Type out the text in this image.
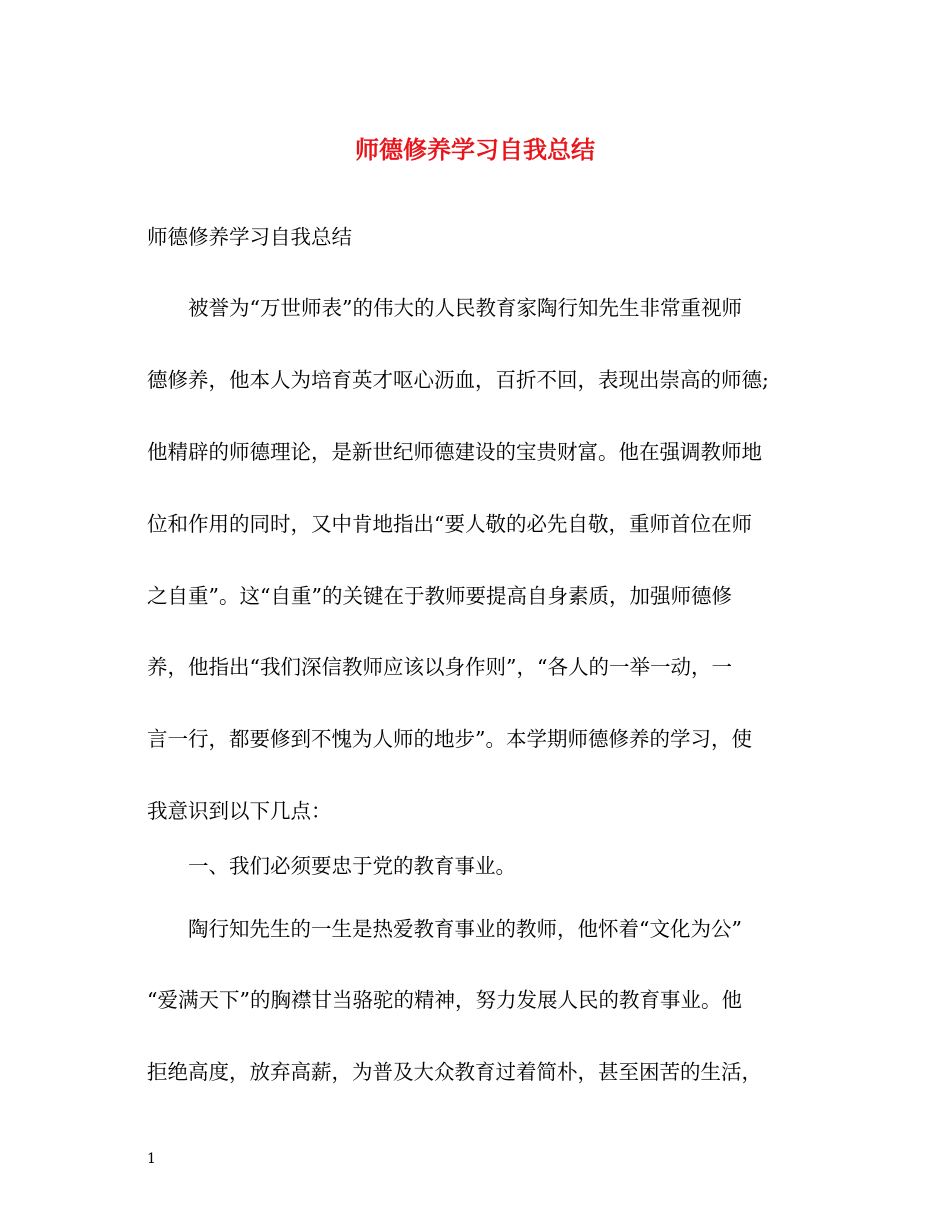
师德修养学习自我总结
师德修养学习自我总结
被誉为“万世师表”的伟大的人民教育家陶行知先生非常重视师
德修养，他本人为培育英才呕心沥血，百折不回，表现出崇高的师德;
他精辟的师德理论，是新世纪师德建设的宝贵财富。他在强调教师地
位和作用的同时，又中肯地指出“要人敬的必先自敬，重师首位在师
之自重”。这“自重”的关键在于教师要提高自身素质，加强师德修
养，他指出“我们深信教师应该以身作则”，“各人的一举一动，一
言一行，都要修到不愧为人师的地步”。本学期师德修养的学习，使
我意识到以下几点：
一、我们必须要忠于党的教育事业。
陶行知先生的一生是热爱教育事业的教师，他怀着“文化为公”
“爱满天下”的胸襟甘当骆驼的精神，努力发展人民的教育事业。他
拒绝高度，放弃高薪，为普及大众教育过着简朴，甚至困苦的生活，
1
